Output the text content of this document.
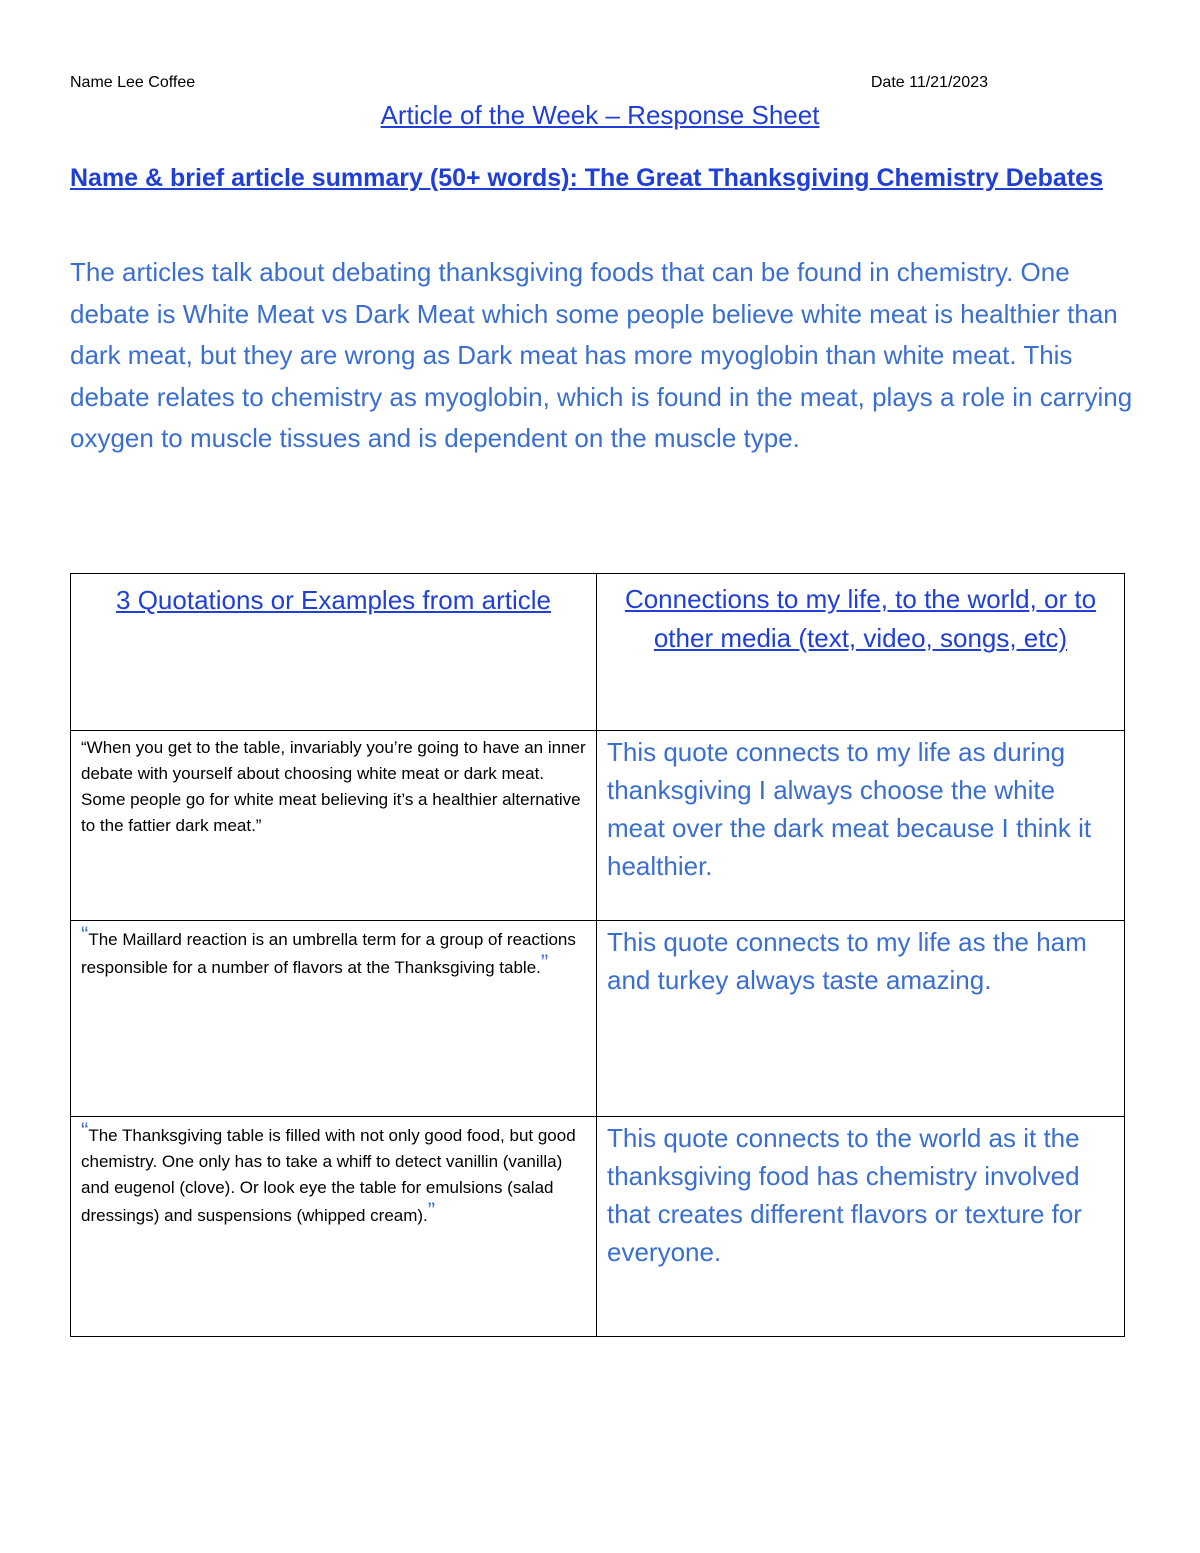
Name Lee Coffee	Date 11/21/2023
Article of the Week – Response Sheet
Name & brief article summary (50+ words): The Great Thanksgiving Chemistry Debates
The articles talk about debating thanksgiving foods that can be found in chemistry. One debate is White Meat vs Dark Meat which some people believe white meat is healthier than dark meat, but they are wrong as Dark meat has more myoglobin than white meat. This debate relates to chemistry as myoglobin, which is found in the meat, plays a role in carrying oxygen to muscle tissues and is dependent on the muscle type.
3 Quotations or Examples from article	Connections to my life, to the world, or to other media (text, video, songs, etc)
“When you get to the table, invariably you’re going to have an inner debate with yourself about choosing white meat or dark meat. Some people go for white meat believing it’s a healthier alternative to the fattier dark meat.”	This quote connects to my life as during thanksgiving I always choose the white meat over the dark meat because I think it healthier.
“The Maillard reaction is an umbrella term for a group of reactions responsible for a number of flavors at the Thanksgiving table.”	This quote connects to my life as the ham and turkey always taste amazing.
“The Thanksgiving table is filled with not only good food, but good chemistry. One only has to take a whiff to detect vanillin (vanilla) and eugenol (clove). Or look eye the table for emulsions (salad dressings) and suspensions (whipped cream).”	This quote connects to the world as it the thanksgiving food has chemistry involved that creates different flavors or texture for everyone.
